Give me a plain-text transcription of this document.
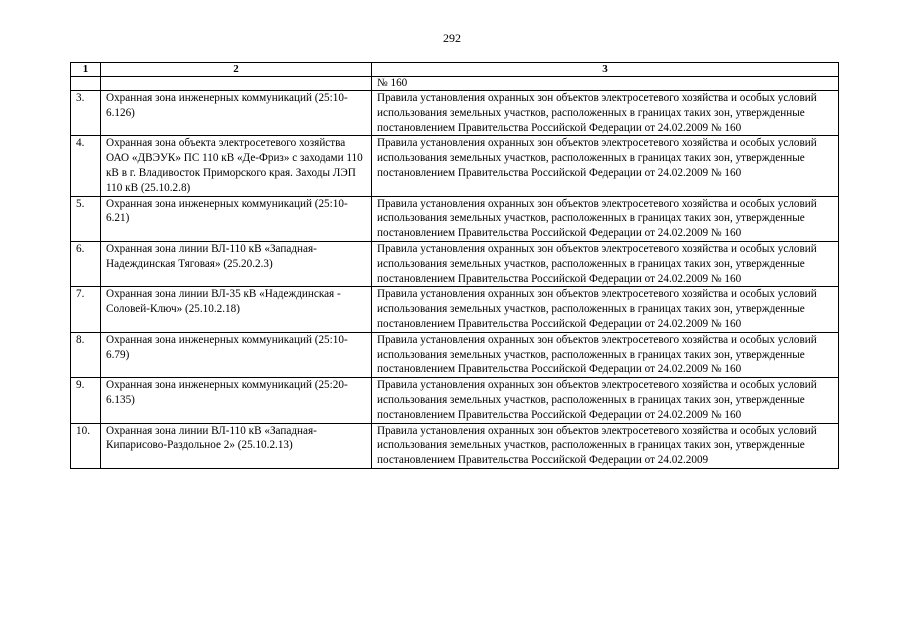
292
1	2	3
		№ 160
3.	Охранная зона инженерных коммуникаций (25:10-6.126)	Правила установления охранных зон объектов электросетевого хозяйства и особых условий использования земельных участков, расположенных в границах таких зон, утвержденные постановлением Правительства Российской Федерации от 24.02.2009 № 160
4.	Охранная зона объекта электросетевого хозяйства ОАО «ДВЭУК» ПС 110 кВ «Де-Фриз» с заходами 110 кВ в г. Владивосток Приморского края. Заходы ЛЭП 110 кВ (25.10.2.8)	Правила установления охранных зон объектов электросетевого хозяйства и особых условий использования земельных участков, расположенных в границах таких зон, утвержденные постановлением Правительства Российской Федерации от 24.02.2009 № 160
5.	Охранная зона инженерных коммуникаций (25:10-6.21)	Правила установления охранных зон объектов электросетевого хозяйства и особых условий использования земельных участков, расположенных в границах таких зон, утвержденные постановлением Правительства Российской Федерации от 24.02.2009 № 160
6.	Охранная зона линии ВЛ-110 кВ «Западная-Надеждинская Тяговая» (25.20.2.3)	Правила установления охранных зон объектов электросетевого хозяйства и особых условий использования земельных участков, расположенных в границах таких зон, утвержденные постановлением Правительства Российской Федерации от 24.02.2009 № 160
7.	Охранная зона линии ВЛ-35 кВ «Надеждинская - Соловей-Ключ» (25.10.2.18)	Правила установления охранных зон объектов электросетевого хозяйства и особых условий использования земельных участков, расположенных в границах таких зон, утвержденные постановлением Правительства Российской Федерации от 24.02.2009 № 160
8.	Охранная зона инженерных коммуникаций (25:10-6.79)	Правила установления охранных зон объектов электросетевого хозяйства и особых условий использования земельных участков, расположенных в границах таких зон, утвержденные постановлением Правительства Российской Федерации от 24.02.2009 № 160
9.	Охранная зона инженерных коммуникаций (25:20-6.135)	Правила установления охранных зон объектов электросетевого хозяйства и особых условий использования земельных участков, расположенных в границах таких зон, утвержденные постановлением Правительства Российской Федерации от 24.02.2009 № 160
10.	Охранная зона линии ВЛ-110 кВ «Западная-Кипарисово-Раздольное 2» (25.10.2.13)	Правила установления охранных зон объектов электросетевого хозяйства и особых условий использования земельных участков, расположенных в границах таких зон, утвержденные постановлением Правительства Российской Федерации от 24.02.2009
